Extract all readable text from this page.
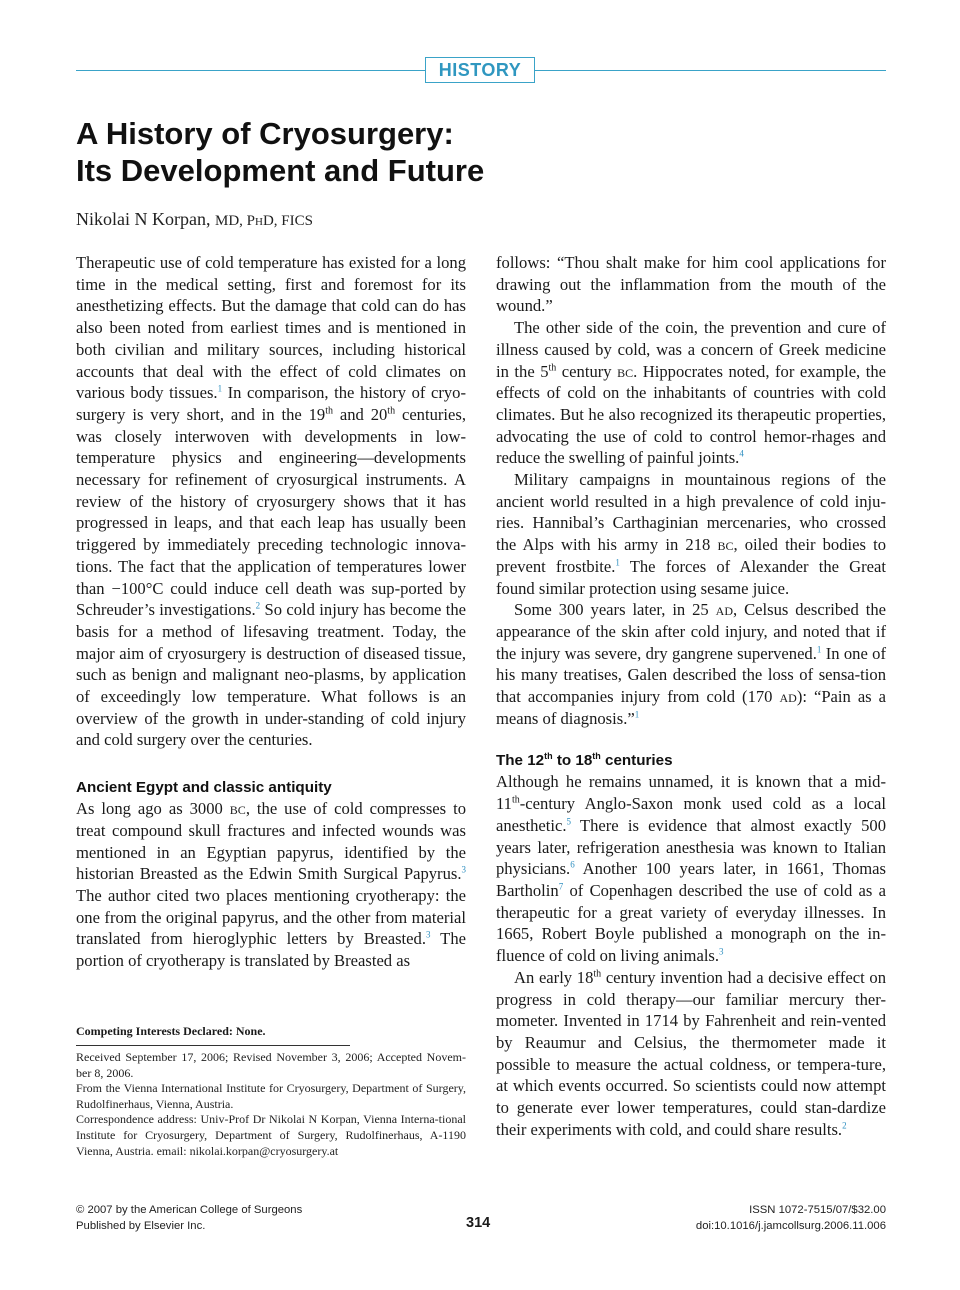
HISTORY
A History of Cryosurgery:
Its Development and Future
Nikolai N Korpan, MD, PhD, FICS

Therapeutic use of cold temperature has existed for a long time in the medical setting, first and foremost for its anesthetizing effects. But the damage that cold can do has also been noted from earliest times and is mentioned in both civilian and military sources, including historical accounts that deal with the effect of cold climates on various body tissues.$^1$ In comparison, the history of cryo-surgery is very short, and in the 19th and 20th centuries, was closely interwoven with developments in low-temperature physics and engineering—developments necessary for refinement of cryosurgical instruments. A review of the history of cryosurgery shows that it has progressed in leaps, and that each leap has usually been triggered by immediately preceding technologic innova-tions. The fact that the application of temperatures lower than −100°C could induce cell death was sup-ported by Schreuder’s investigations.$^2$ So cold injury has become the basis for a method of lifesaving treatment. Today, the major aim of cryosurgery is destruction of diseased tissue, such as benign and malignant neo-plasms, by application of exceedingly low temperature. What follows is an overview of the growth in under-standing of cold injury and cold surgery over the centuries.

Ancient Egypt and classic antiquity

As long ago as 3000 bc, the use of cold compresses to treat compound skull fractures and infected wounds was mentioned in an Egyptian papyrus, identified by the historian Breasted as the Edwin Smith Surgical Papyrus.$^3$ The author cited two places mentioning cryotherapy: the one from the original papyrus, and the other from material translated from hieroglyphic letters by Breasted.$^3$ The portion of cryotherapy is translated by Breasted as

follows: “Thou shalt make for him cool applications for drawing out the inflammation from the mouth of the wound.”

The other side of the coin, the prevention and cure of illness caused by cold, was a concern of Greek medicine in the 5th century bc. Hippocrates noted, for example, the effects of cold on the inhabitants of countries with cold climates. But he also recognized its therapeutic properties, advocating the use of cold to control hemor-rhages and reduce the swelling of painful joints.$^4$

Military campaigns in mountainous regions of the ancient world resulted in a high prevalence of cold inju-ries. Hannibal’s Carthaginian mercenaries, who crossed the Alps with his army in 218 bc, oiled their bodies to prevent frostbite.$^1$ The forces of Alexander the Great found similar protection using sesame juice.

Some 300 years later, in 25 ad, Celsus described the appearance of the skin after cold injury, and noted that if the injury was severe, dry gangrene supervened.$^1$ In one of his many treatises, Galen described the loss of sensa-tion that accompanies injury from cold (170 ad): “Pain as a means of diagnosis.”$^1$

The 12th to 18th centuries

Although he remains unnamed, it is known that a mid-11th-century Anglo-Saxon monk used cold as a local anesthetic.$^5$ There is evidence that almost exactly 500 years later, refrigeration anesthesia was known to Italian physicians.$^6$ Another 100 years later, in 1661, Thomas Bartholin$^7$ of Copenhagen described the use of cold as a therapeutic for a great variety of everyday illnesses. In 1665, Robert Boyle published a monograph on the in-fluence of cold on living animals.$^3$

An early 18th century invention had a decisive effect on progress in cold therapy—our familiar mercury ther-mometer. Invented in 1714 by Fahrenheit and rein-vented by Reaumur and Celsius, the thermometer made it possible to measure the actual coldness, or tempera-ture, at which events occurred. So scientists could now attempt to generate ever lower temperatures, could stan-dardize their experiments with cold, and could share results.$^2$

Competing Interests Declared: None.

Received September 17, 2006; Revised November 3, 2006; Accepted Novem-ber 8, 2006.

From the Vienna International Institute for Cryosurgery, Department of Surgery, Rudolfinerhaus, Vienna, Austria.

Correspondence address: Univ-Prof Dr Nikolai N Korpan, Vienna Interna-tional Institute for Cryosurgery, Department of Surgery, Rudolfinerhaus, A-1190 Vienna, Austria. email: nikolai.korpan@cryosurgery.at

© 2007 by the American College of Surgeons
Published by Elsevier Inc.	314
ISSN 1072-7515/07/$32.00
doi:10.1016/j.jamcollsurg.2006.11.006
